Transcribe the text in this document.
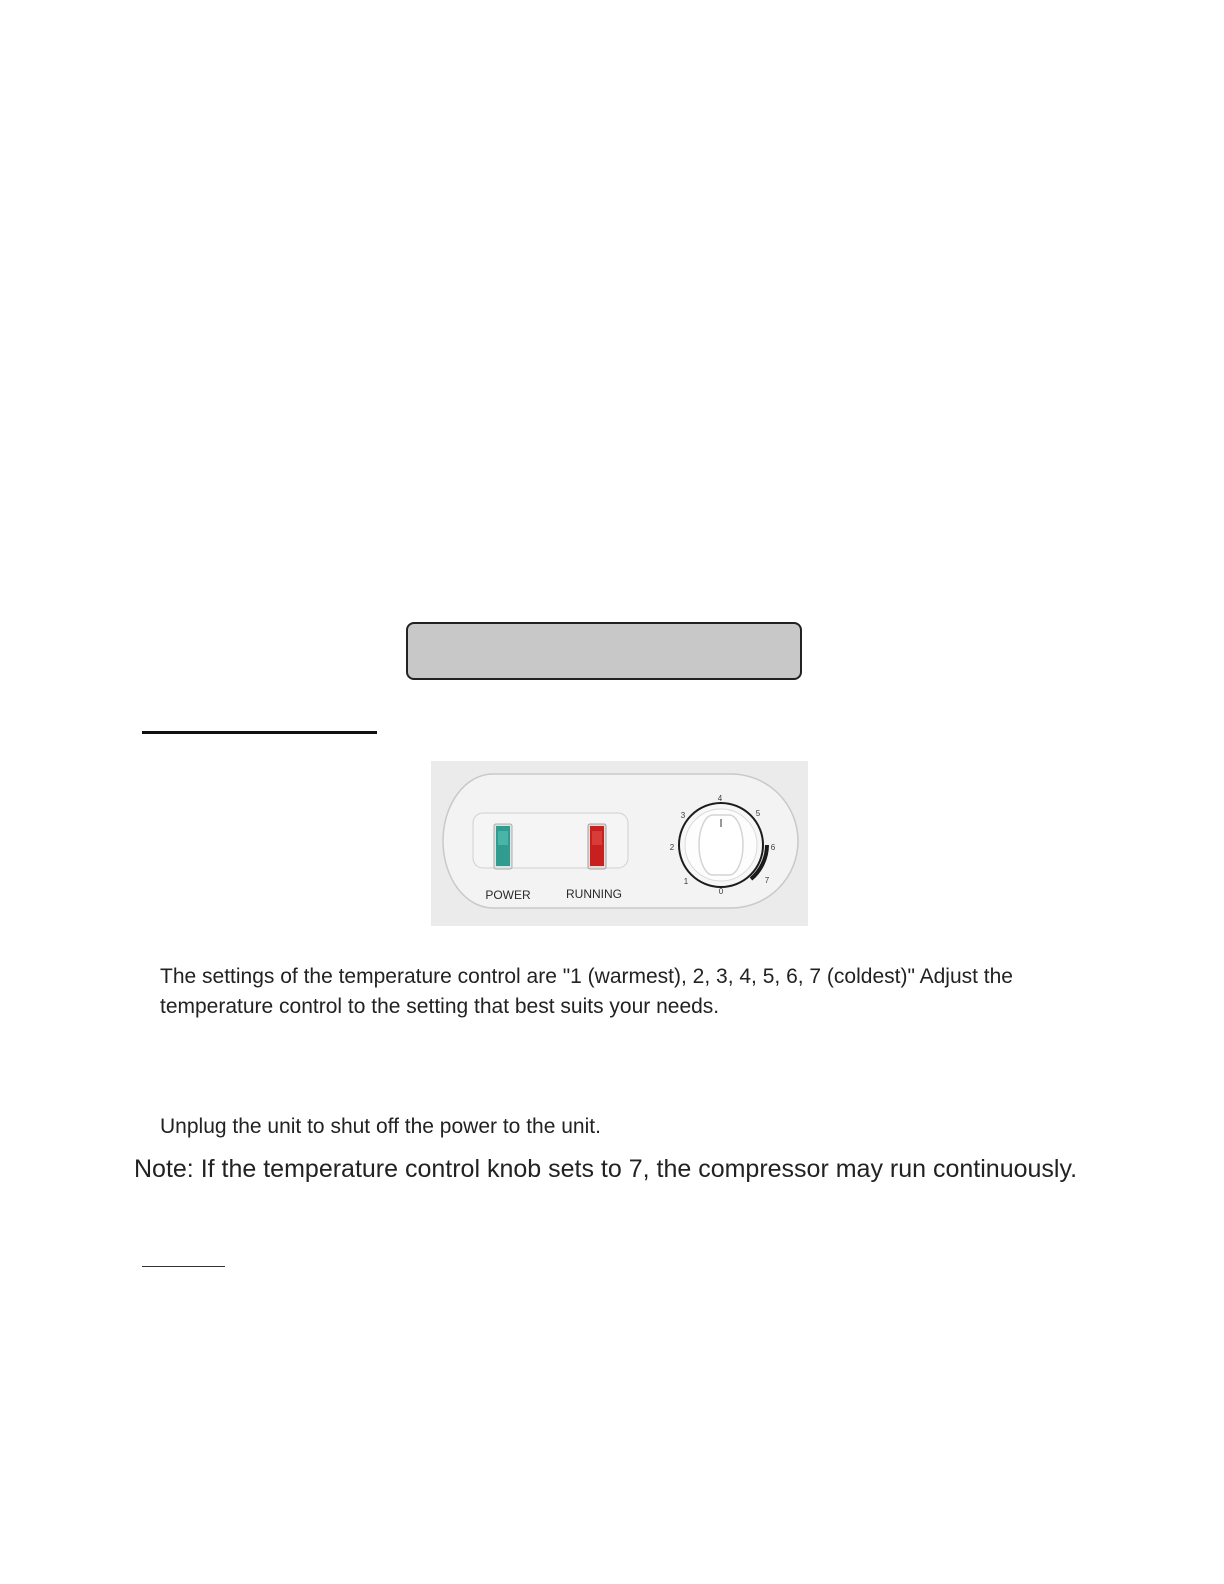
POWER	RUNNING	0
1
2
3
4
5
6
7
The settings of the temperature control are "1 (warmest), 2, 3, 4, 5, 6, 7 (coldest)" Adjust the temperature control to the setting that best suits your needs.
Unplug the unit to shut off the power to the unit.
Note: If the temperature control knob sets to 7, the compressor may run continuously.
